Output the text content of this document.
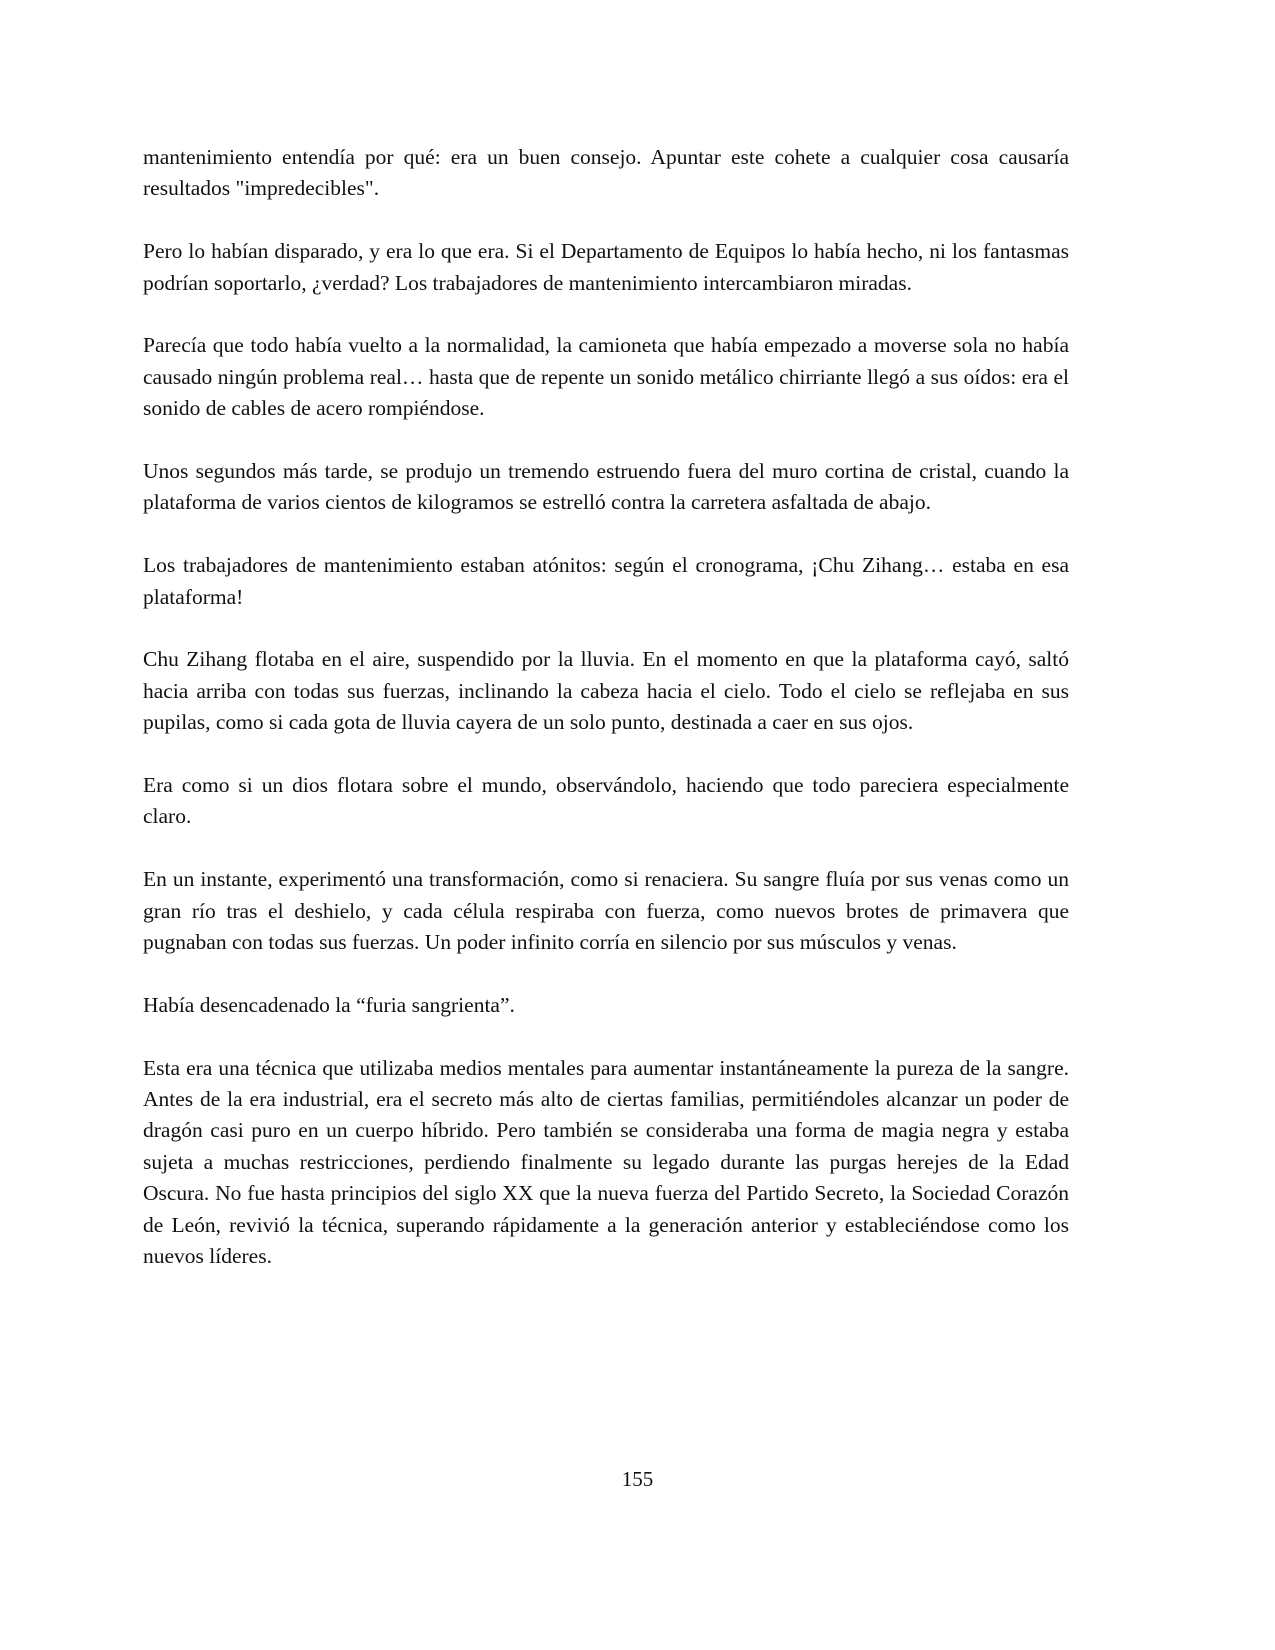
mantenimiento entendía por qué: era un buen consejo. Apuntar este cohete a cualquier cosa causaría resultados "impredecibles".

Pero lo habían disparado, y era lo que era. Si el Departamento de Equipos lo había hecho, ni los fantasmas podrían soportarlo, ¿verdad? Los trabajadores de mantenimiento intercambiaron miradas.

Parecía que todo había vuelto a la normalidad, la camioneta que había empezado a moverse sola no había causado ningún problema real… hasta que de repente un sonido metálico chirriante llegó a sus oídos: era el sonido de cables de acero rompiéndose.

Unos segundos más tarde, se produjo un tremendo estruendo fuera del muro cortina de cristal, cuando la plataforma de varios cientos de kilogramos se estrelló contra la carretera asfaltada de abajo.

Los trabajadores de mantenimiento estaban atónitos: según el cronograma, ¡Chu Zihang… estaba en esa plataforma!

Chu Zihang flotaba en el aire, suspendido por la lluvia. En el momento en que la plataforma cayó, saltó hacia arriba con todas sus fuerzas, inclinando la cabeza hacia el cielo. Todo el cielo se reflejaba en sus pupilas, como si cada gota de lluvia cayera de un solo punto, destinada a caer en sus ojos.

Era como si un dios flotara sobre el mundo, observándolo, haciendo que todo pareciera especialmente claro.

En un instante, experimentó una transformación, como si renaciera. Su sangre fluía por sus venas como un gran río tras el deshielo, y cada célula respiraba con fuerza, como nuevos brotes de primavera que pugnaban con todas sus fuerzas. Un poder infinito corría en silencio por sus músculos y venas.

Había desencadenado la “furia sangrienta”.

Esta era una técnica que utilizaba medios mentales para aumentar instantáneamente la pureza de la sangre. Antes de la era industrial, era el secreto más alto de ciertas familias, permitiéndoles alcanzar un poder de dragón casi puro en un cuerpo híbrido. Pero también se consideraba una forma de magia negra y estaba sujeta a muchas restricciones, perdiendo finalmente su legado durante las purgas herejes de la Edad Oscura. No fue hasta principios del siglo XX que la nueva fuerza del Partido Secreto, la Sociedad Corazón de León, revivió la técnica, superando rápidamente a la generación anterior y estableciéndose como los nuevos líderes.

155
